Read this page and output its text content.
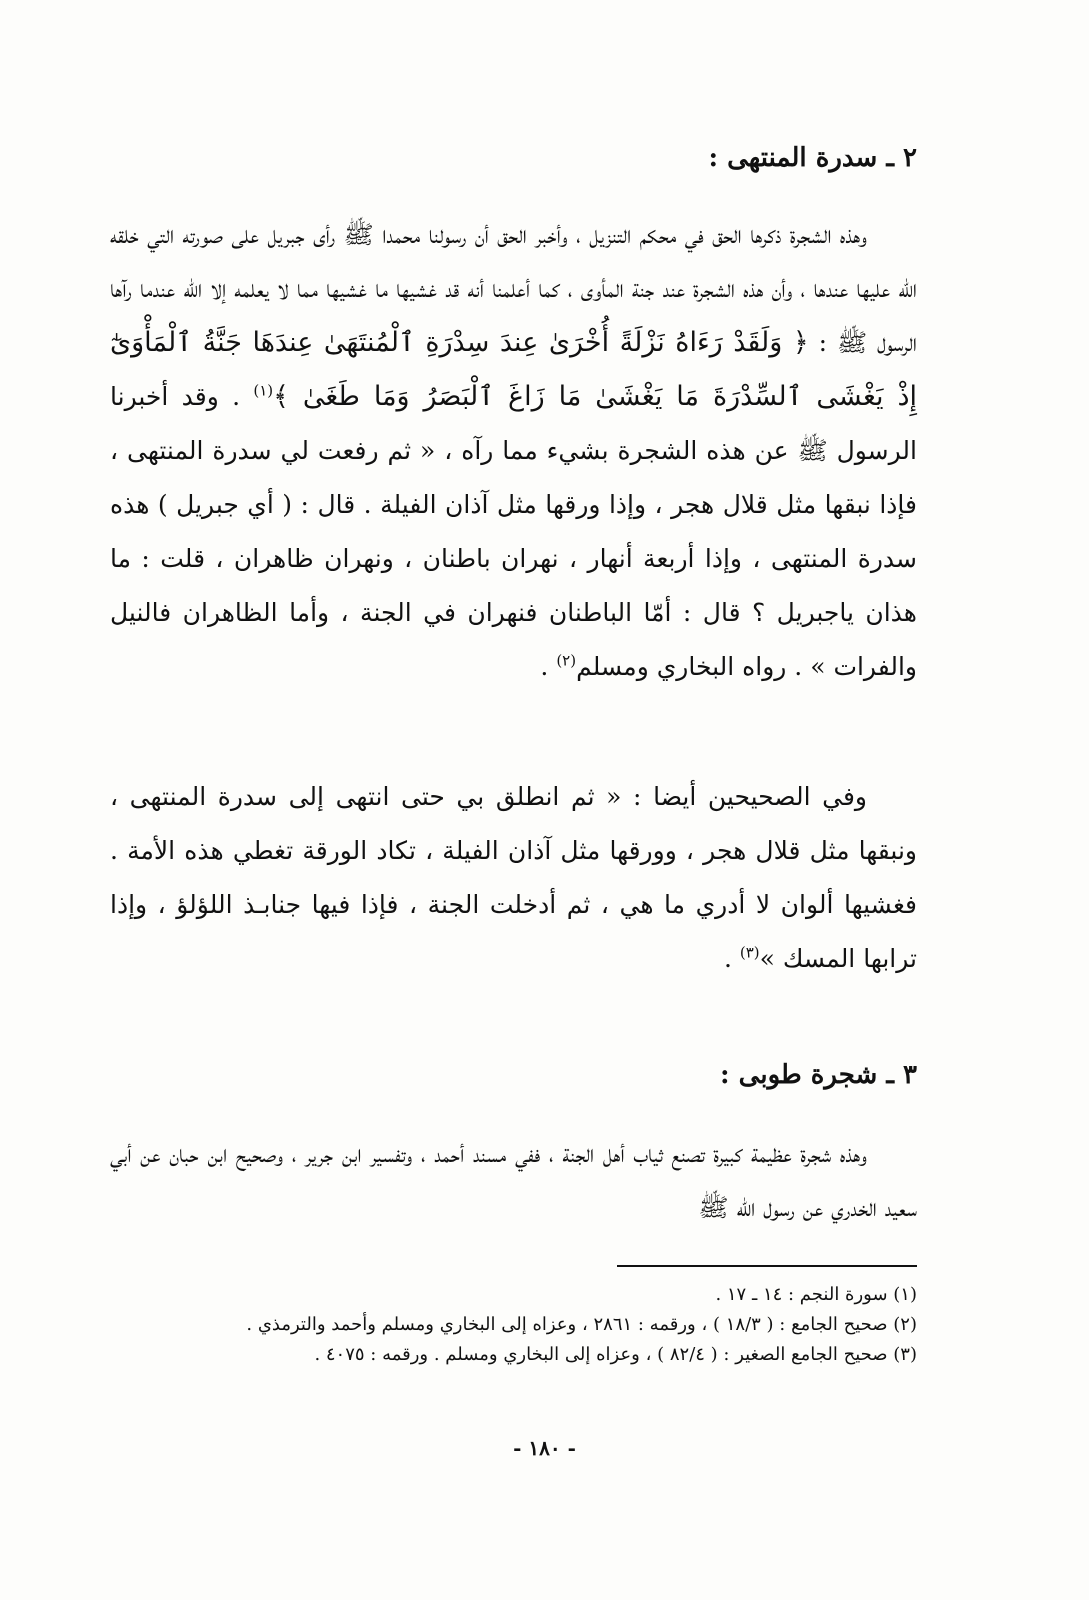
٢ ـ سدرة المنتهى :

وهذه الشجرة ذكرها الحق في محكم التنزيل ، وأخبر الحق أن رسولنا محمدا ﷺ رأى جبريل على صورته التي خلقه الله عليها عندها ، وأن هذه الشجرة عند جنة المأوى ، كما أعلمنا أنه قد غشيها ما غشيها مما لا يعلمه إلا الله عندما رآها الرسول ﷺ : ﴿ وَلَقَدْ رَءَاهُ نَزْلَةً أُخْرَىٰ عِندَ سِدْرَةِ ٱلْمُنتَهَىٰ عِندَهَا جَنَّةُ ٱلْمَأْوَىٰٓ إِذْ يَغْشَى ٱلسِّدْرَةَ مَا يَغْشَىٰ مَا زَاغَ ٱلْبَصَرُ وَمَا طَغَىٰ ﴾$^{(١)}$ . وقد أخبرنا الرسول ﷺ عن هذه الشجرة بشيء مما رآه ، « ثم رفعت لي سدرة المنتهى ، فإذا نبقها مثل قلال هجر ، وإذا ورقها مثل آذان الفيلة . قال : ( أي جبريل ) هذه سدرة المنتهى ، وإذا أربعة أنهار ، نهران باطنان ، ونهران ظاهران ، قلت : ما هذان ياجبريل ؟ قال : أمّا الباطنان فنهران في الجنة ، وأما الظاهران فالنيل والفرات » . رواه البخاري ومسلم$^{(٢)}$ .

وفي الصحيحين أيضا : « ثم انطلق بي حتى انتهى إلى سدرة المنتهى ، ونبقها مثل قلال هجر ، وورقها مثل آذان الفيلة ، تكاد الورقة تغطي هذه الأمة . فغشيها ألوان لا أدري ما هي ، ثم أدخلت الجنة ، فإذا فيها جنابـذ اللؤلؤ ، وإذا ترابها المسك »$^{(٣)}$ .

٣ ـ شجرة طوبى :

وهذه شجرة عظيمة كبيرة تصنع ثياب أهل الجنة ، ففي مسند أحمد ، وتفسير ابن جرير ، وصحيح ابن حبان عن أبي سعيد الخدري عن رسول الله ﷺ

(١) سورة النجم : ١٤ ـ ١٧ .

(٢) صحيح الجامع : ( ١٨/٣ ) ، ورقمه : ٢٨٦١ ، وعزاه إلى البخاري ومسلم وأحمد والترمذي .

(٣) صحيح الجامع الصغير : ( ٨٢/٤ ) ، وعزاه إلى البخاري ومسلم . ورقمه : ٤٠٧٥ .

- ١٨٠ -
